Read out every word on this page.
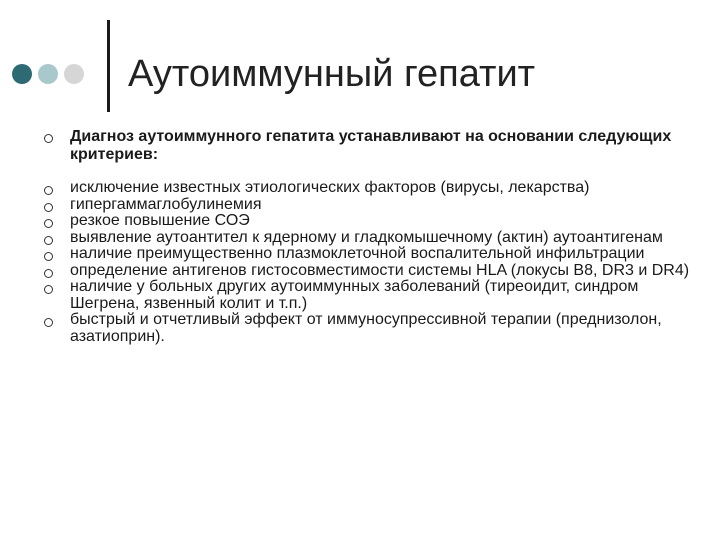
Аутоиммунный гепатит
Диагноз аутоиммунного гепатита устанавливают на основании следующих критериев:
исключение известных этиологических факторов (вирусы, лекарства)
гипергаммаглобулинемия
резкое повышение СОЭ
выявление аутоантител к ядерному и гладкомышечному (актин) аутоантигенам
наличие преимущественно плазмоклеточной воспалительной инфильтрации
определение антигенов гистосовместимости системы HLA (локусы B8, DR3 и DR4)
наличие у больных других аутоиммунных заболеваний (тиреоидит, синдром Шегрена, язвенный колит и т.п.)
быстрый и отчетливый эффект от иммуносупрессивной терапии (преднизолон, азатиоприн).
